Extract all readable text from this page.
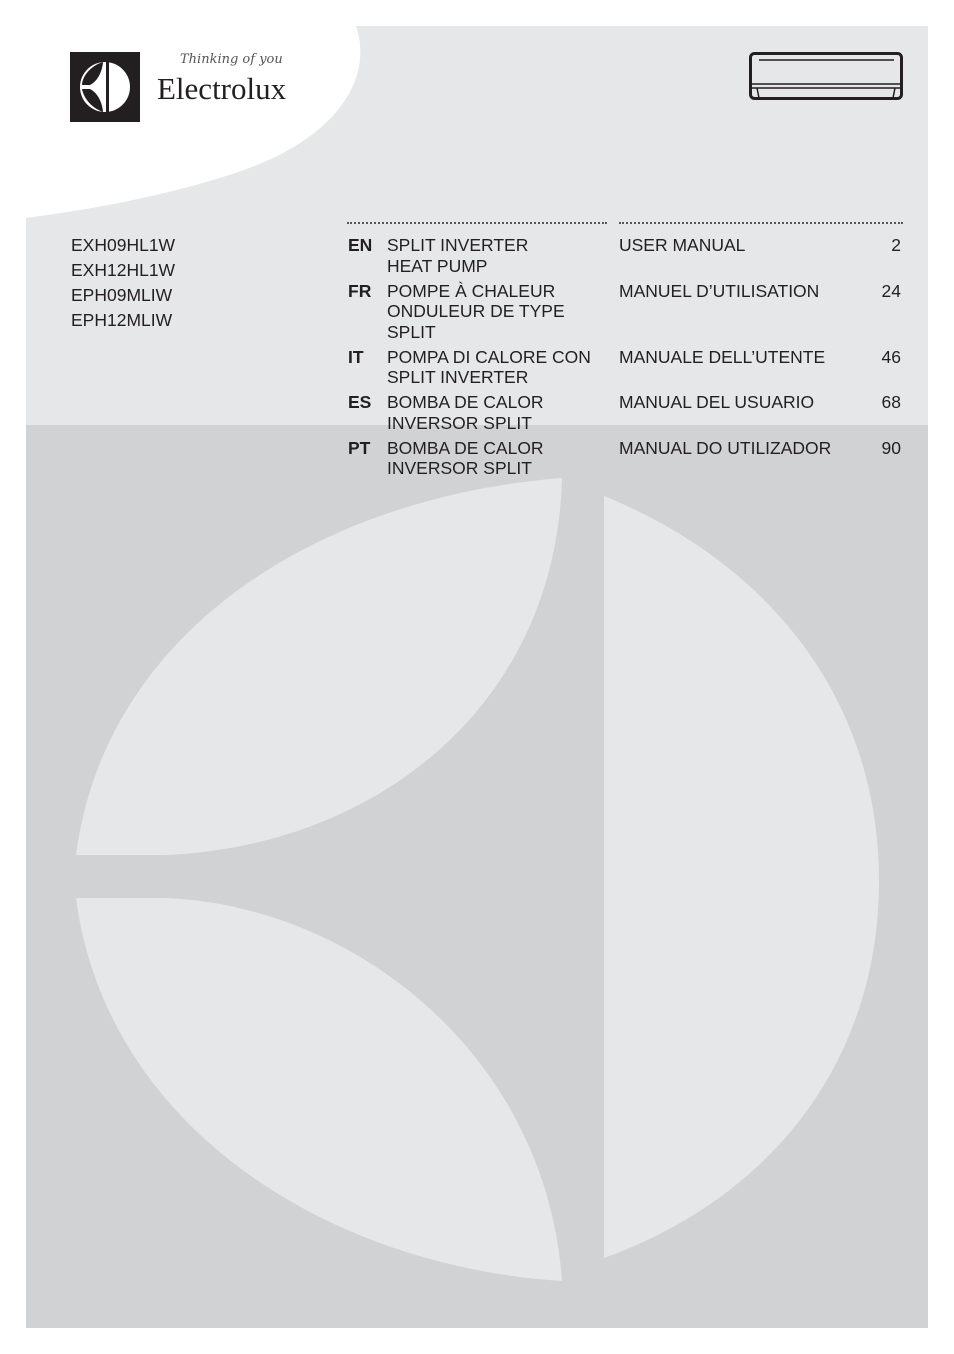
Thinking of you
Electrolux
EXH09HL1W
EXH12HL1W
EPH09MLIW
EPH12MLIW
EN SPLIT INVERTER
HEAT PUMP
USER MANUAL	2
FR POMPE À CHALEUR
ONDULEUR DE TYPE
SPLIT
MANUEL D’UTILISATION	24
IT POMPA DI CALORE CON
SPLIT INVERTER
MANUALE DELL’UTENTE	46
ES BOMBA DE CALOR
INVERSOR SPLIT
MANUAL DEL USUARIO	68
PT BOMBA DE CALOR
INVERSOR SPLIT
MANUAL DO UTILIZADOR	90
